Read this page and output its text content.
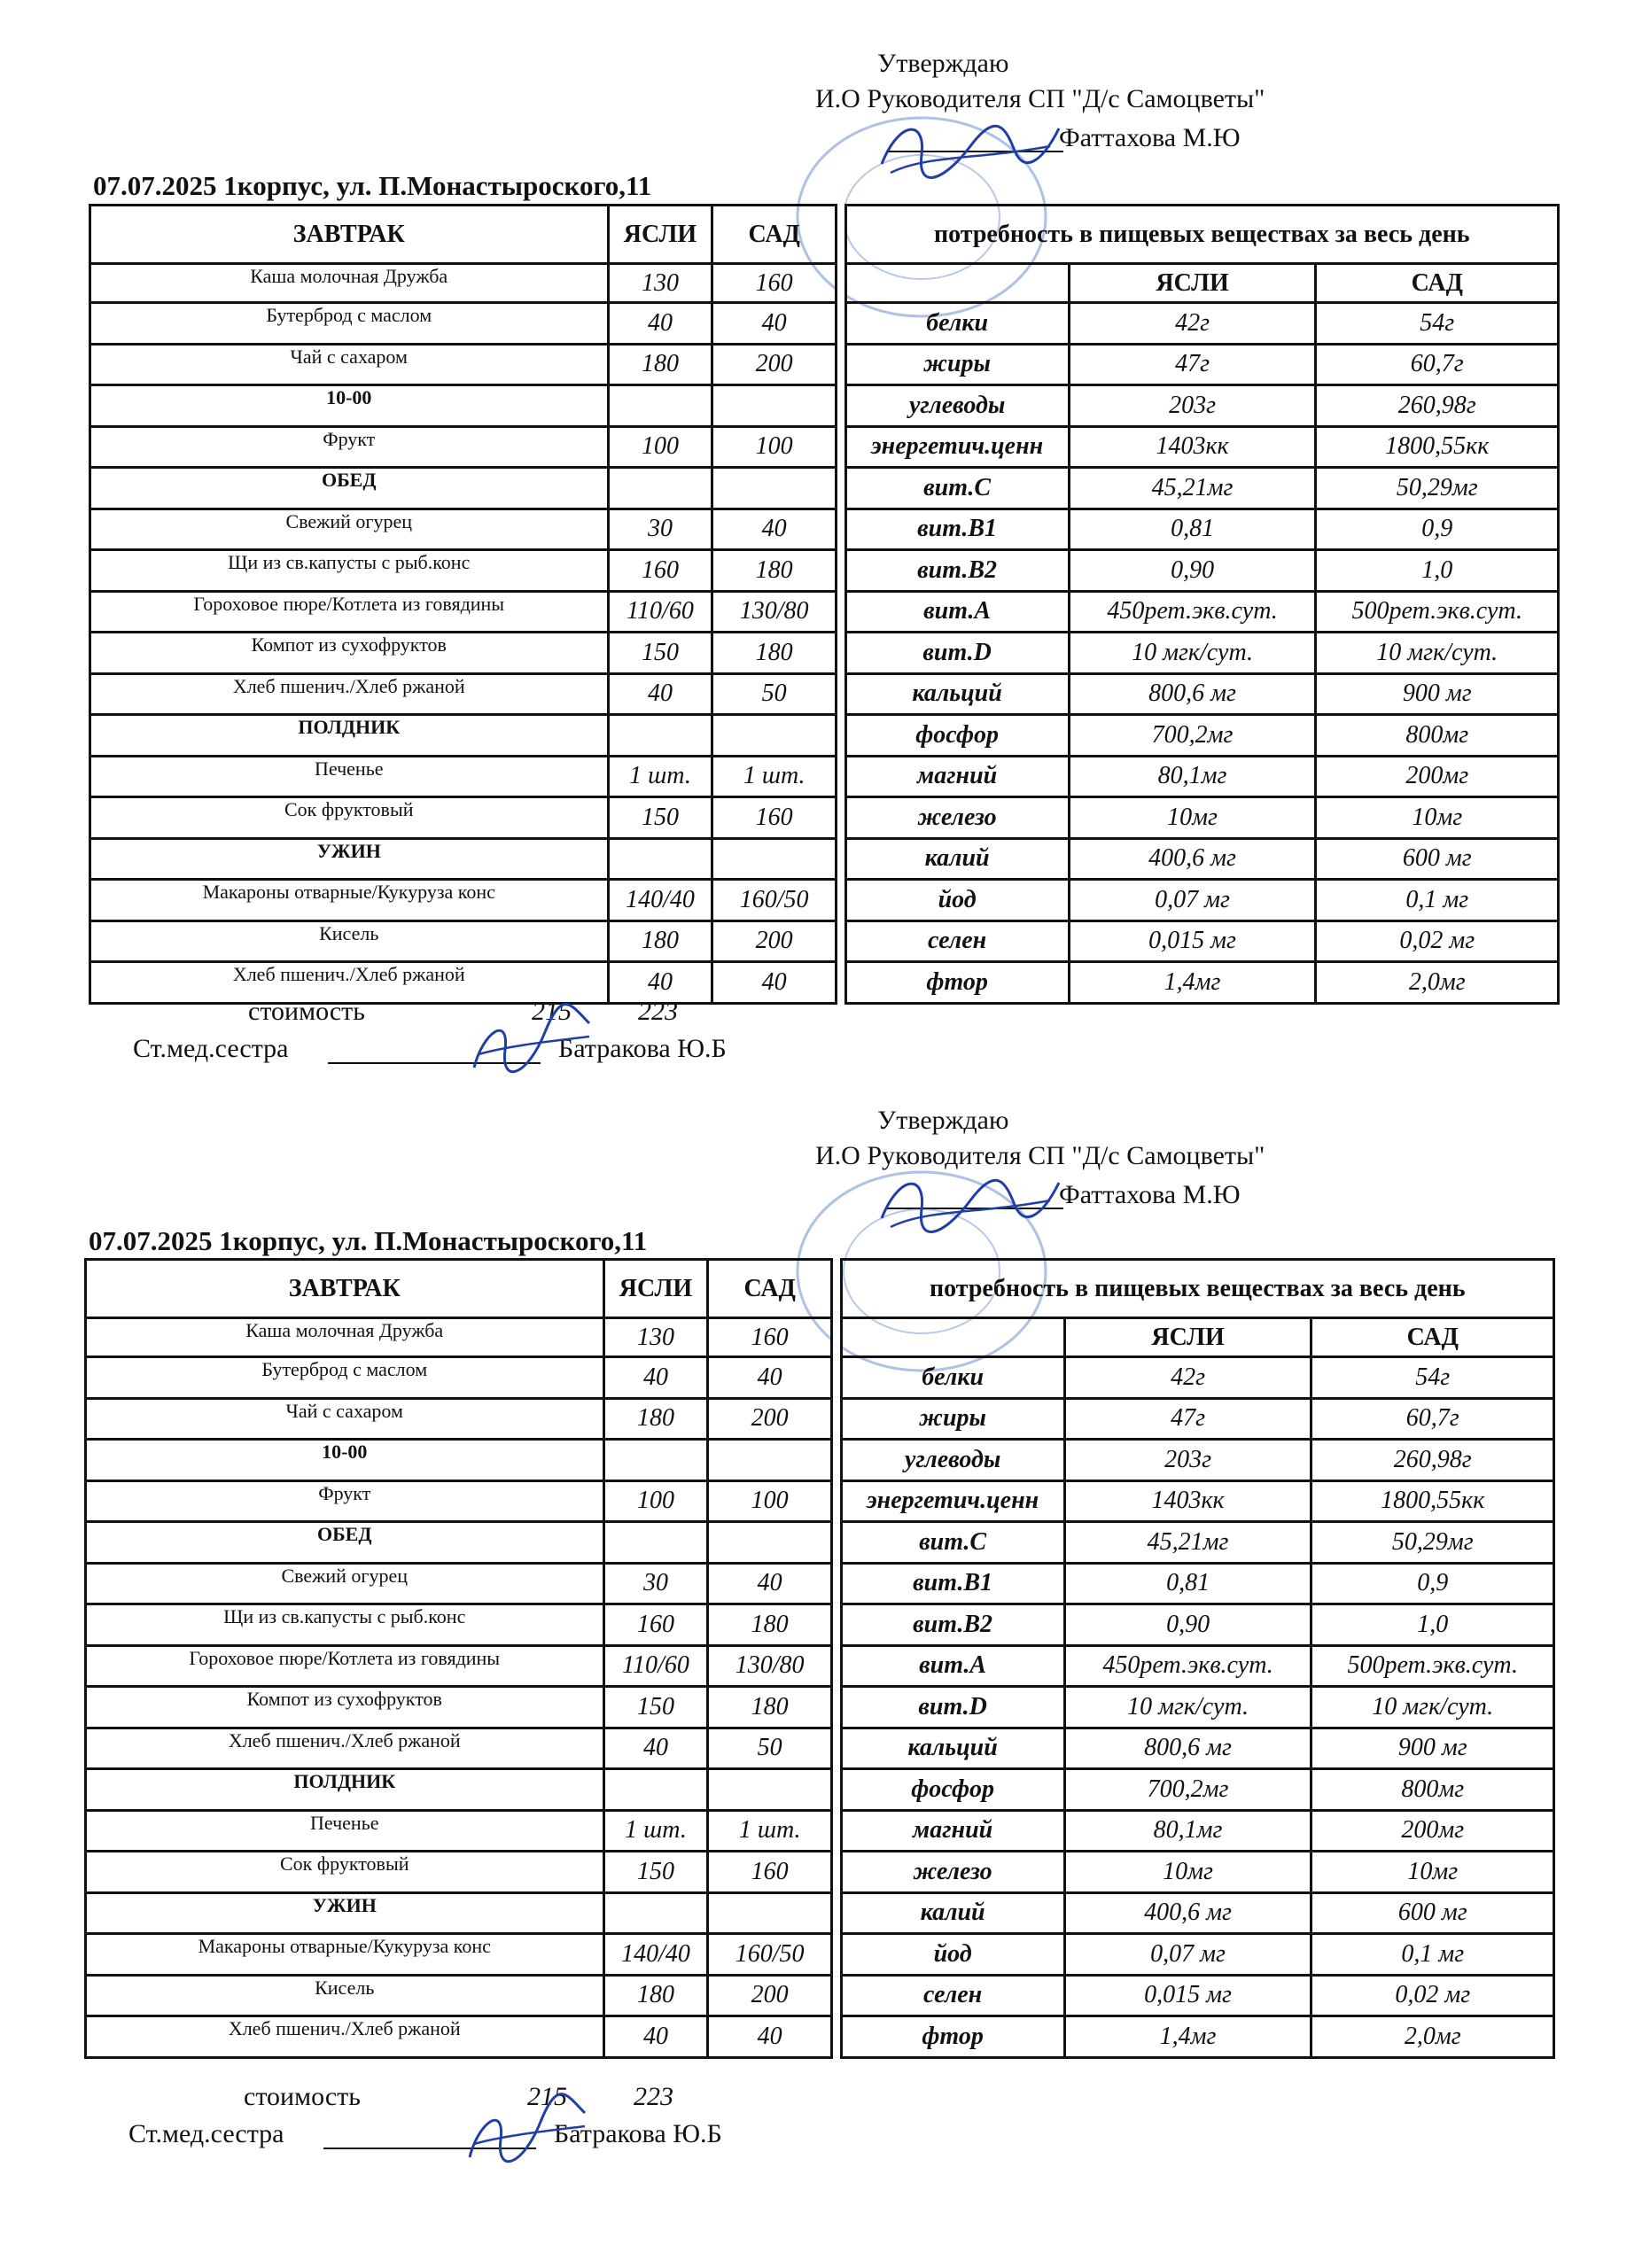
Утверждаю
И.О Руководителя СП "Д/с Самоцветы"
Фаттахова М.Ю
07.07.2025 1корпус, ул. П.Монастыроского,11
ЗАВТРАК	ЯСЛИ	САД		потребность в пищевых веществах за весь день		
Каша молочная Дружба	130	160			ЯСЛИ	САД
Бутерброд с маслом	40	40		белки	42г	54г
Чай с сахаром	180	200		жиры	47г	60,7г
10-00				углеводы	203г	260,98г
Фрукт	100	100		энергетич.ценн	1403кк	1800,55кк
ОБЕД				вит.С	45,21мг	50,29мг
Свежий огурец	30	40		вит.В1	0,81	0,9
Щи из св.капусты с рыб.конс	160	180		вит.В2	0,90	1,0
Гороховое пюре/Котлета из говядины	110/60	130/80		вит.А	450рет.экв.сут.	500рет.экв.сут.
Компот из сухофруктов	150	180		вит.D	10 мгк/сут.	10 мгк/сут.
Хлеб пшенич./Хлеб ржаной	40	50		кальций	800,6 мг	900 мг
ПОЛДНИК				фосфор	700,2мг	800мг
Печенье	1 шт.	1 шт.		магний	80,1мг	200мг
Сок фруктовый	150	160		железо	10мг	10мг
УЖИН				калий	400,6 мг	600 мг
Макароны отварные/Кукуруза конс	140/40	160/50		йод	0,07 мг	0,1 мг
Кисель	180	200		селен	0,015 мг	0,02 мг
Хлеб пшенич./Хлеб ржаной	40	40		фтор	1,4мг	2,0мг
стоимость	215	223
Ст.мед.сестра	Батракова Ю.Б
Утверждаю
И.О Руководителя СП "Д/с Самоцветы"
Фаттахова М.Ю
07.07.2025 1корпус, ул. П.Монастыроского,11
ЗАВТРАК	ЯСЛИ	САД		потребность в пищевых веществах за весь день		
Каша молочная Дружба	130	160			ЯСЛИ	САД
Бутерброд с маслом	40	40		белки	42г	54г
Чай с сахаром	180	200		жиры	47г	60,7г
10-00				углеводы	203г	260,98г
Фрукт	100	100		энергетич.ценн	1403кк	1800,55кк
ОБЕД				вит.С	45,21мг	50,29мг
Свежий огурец	30	40		вит.В1	0,81	0,9
Щи из св.капусты с рыб.конс	160	180		вит.В2	0,90	1,0
Гороховое пюре/Котлета из говядины	110/60	130/80		вит.А	450рет.экв.сут.	500рет.экв.сут.
Компот из сухофруктов	150	180		вит.D	10 мгк/сут.	10 мгк/сут.
Хлеб пшенич./Хлеб ржаной	40	50		кальций	800,6 мг	900 мг
ПОЛДНИК				фосфор	700,2мг	800мг
Печенье	1 шт.	1 шт.		магний	80,1мг	200мг
Сок фруктовый	150	160		железо	10мг	10мг
УЖИН				калий	400,6 мг	600 мг
Макароны отварные/Кукуруза конс	140/40	160/50		йод	0,07 мг	0,1 мг
Кисель	180	200		селен	0,015 мг	0,02 мг
Хлеб пшенич./Хлеб ржаной	40	40		фтор	1,4мг	2,0мг
стоимость	215	223
Ст.мед.сестра	Батракова Ю.Б
